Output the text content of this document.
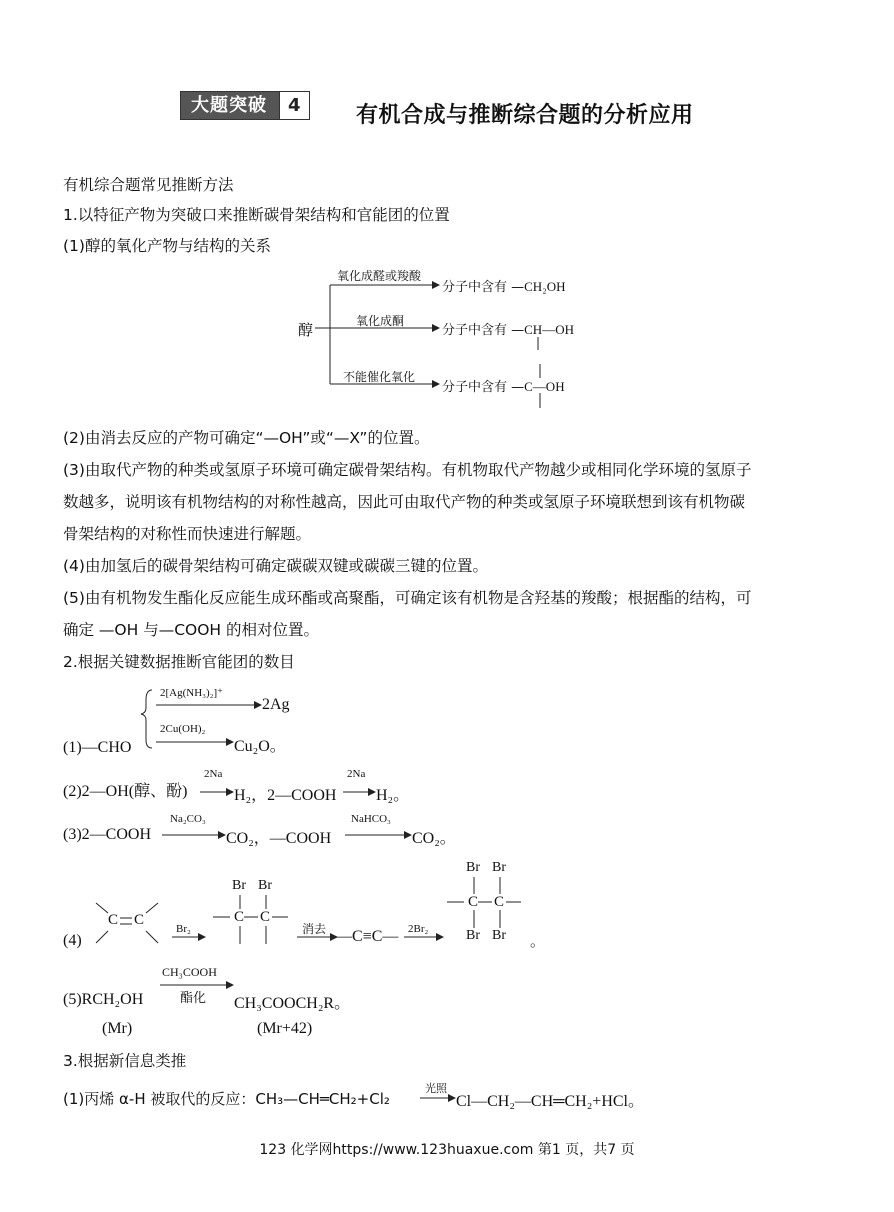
大题突破	4	有机合成与推断综合题的分析应用
有机综合题常见推断方法
1.以特征产物为突破口来推断碳骨架结构和官能团的位置
(1)醇的氧化产物与结构的关系
醇
氧化成醛或羧酸
氧化成酮
不能催化氧化
分子中含有 —CH₂OH
分子中含有 —CH—OH
分子中含有 —C—OH
(2)由消去反应的产物可确定“—OH”或“—X”的位置。
(3)由取代产物的种类或氢原子环境可确定碳骨架结构。有机物取代产物越少或相同化学环境的氢原子
数越多，说明该有机物结构的对称性越高，因此可由取代产物的种类或氢原子环境联想到该有机物碳
骨架结构的对称性而快速进行解题。
(4)由加氢后的碳骨架结构可确定碳碳双键或碳碳三键的位置。
(5)由有机物发生酯化反应能生成环酯或高聚酯，可确定该有机物是含羟基的羧酸；根据酯的结构，可
确定 —OH 与—COOH 的相对位置。
2.根据关键数据推断官能团的数目
(1)—CHO
2[Ag(NH₃)₂]⁺
2Ag
2Cu(OH)₂
Cu₂O。
(2)2—OH(醇、酚)
2Na
H₂，2—COOH
2Na
H₂。
(3)2—COOH
Na₂CO₃
CO₂，—COOH
NaHCO₃
CO₂。
(4)
C C
Br₂
Br Br
C C
消去 —C≡C— 2Br₂
Br Br
C C
Br Br 。
(5)RCH₂OH
CH₃COOH
酯化 CH₃COOCH₂R。
(Mr)	(Mr+42)
3.根据新信息类推
(1)丙烯 α-H 被取代的反应：CH₃—CH═CH₂+Cl₂
光照
Cl—CH₂—CH═CH₂+HCl。
123 化学网https://www.123huaxue.com 第1 页，共7 页
